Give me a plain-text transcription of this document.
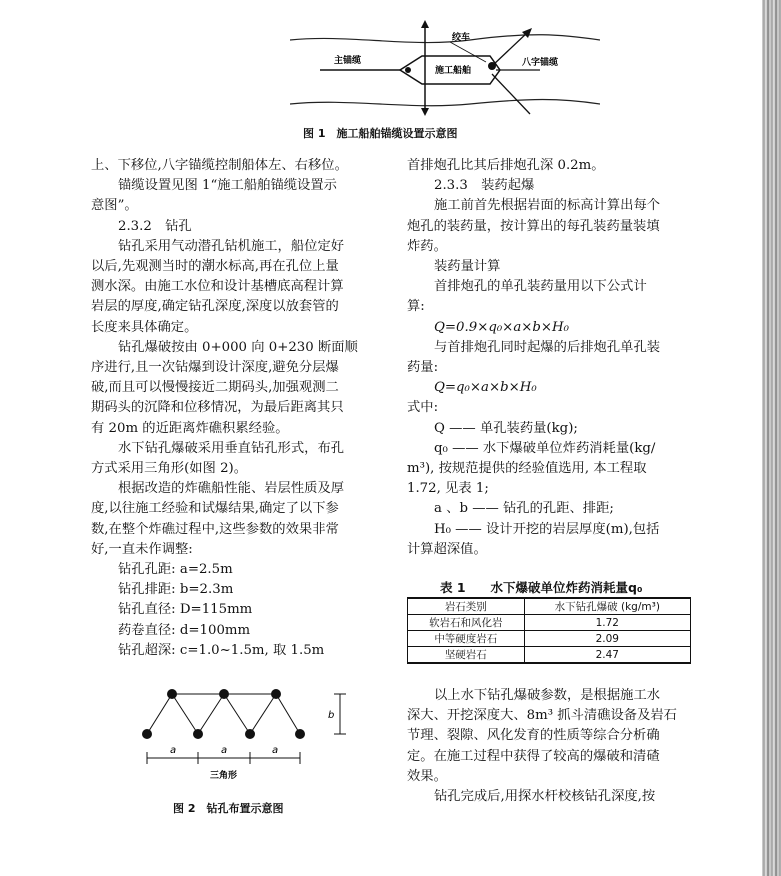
主锚缆
施工船舶
绞车
八字锚缆
图 1　施工船舶锚缆设置示意图

上、下移位,八字锚缆控制船体左、右移位。

锚缆设置见图 1“施工船舶锚缆设置示

意图”。

2.3.2　钻孔

钻孔采用气动潜孔钻机施工，船位定好

以后,先观测当时的潮水标高,再在孔位上量

测水深。由施工水位和设计基槽底高程计算

岩层的厚度,确定钻孔深度,深度以放套管的

长度来具体确定。

钻孔爆破按由 0+000 向 0+230 断面顺

序进行,且一次钻爆到设计深度,避免分层爆

破,而且可以慢慢接近二期码头,加强观测二

期码头的沉降和位移情况，为最后距离其只

有 20m 的近距离炸礁积累经验。

水下钻孔爆破采用垂直钻孔形式，布孔

方式采用三角形(如图 2)。

根据改造的炸礁船性能、岩层性质及厚

度,以往施工经验和试爆结果,确定了以下参

数,在整个炸礁过程中,这些参数的效果非常

好,一直未作调整:

钻孔孔距: a=2.5m

钻孔排距: b=2.3m

钻孔直径: D=115mm

药卷直径: d=100mm

钻孔超深: c=1.0~1.5m, 取 1.5m

b
a	a	a
三角形
图 2　钻孔布置示意图

首排炮孔比其后排炮孔深 0.2m。

2.3.3　装药起爆

施工前首先根据岩面的标高计算出每个

炮孔的装药量，按计算出的每孔装药量装填

炸药。

装药量计算

首排炮孔的单孔装药量用以下公式计

算:

Q=0.9×q₀×a×b×H₀

与首排炮孔同时起爆的后排炮孔单孔装

药量:

Q=q₀×a×b×H₀

式中:

Q —— 单孔装药量(kg);

q₀ —— 水下爆破单位炸药消耗量(kg/

m³), 按规范提供的经验值选用, 本工程取

1.72, 见表 1;

a 、b —— 钻孔的孔距、排距;

H₀ —— 设计开挖的岩层厚度(m),包括

计算超深值。

表 1　　水下爆破单位炸药消耗量q₀
岩石类别	水下钻孔爆破 (kg/m³)
软岩石和风化岩	1.72
中等硬度岩石	2.09
坚硬岩石	2.47

以上水下钻孔爆破参数，是根据施工水

深大、开挖深度大、8m³ 抓斗清礁设备及岩石

节理、裂隙、风化发育的性质等综合分析确

定。在施工过程中获得了较高的爆破和清碴

效果。

钻孔完成后,用探水杆校核钻孔深度,按
